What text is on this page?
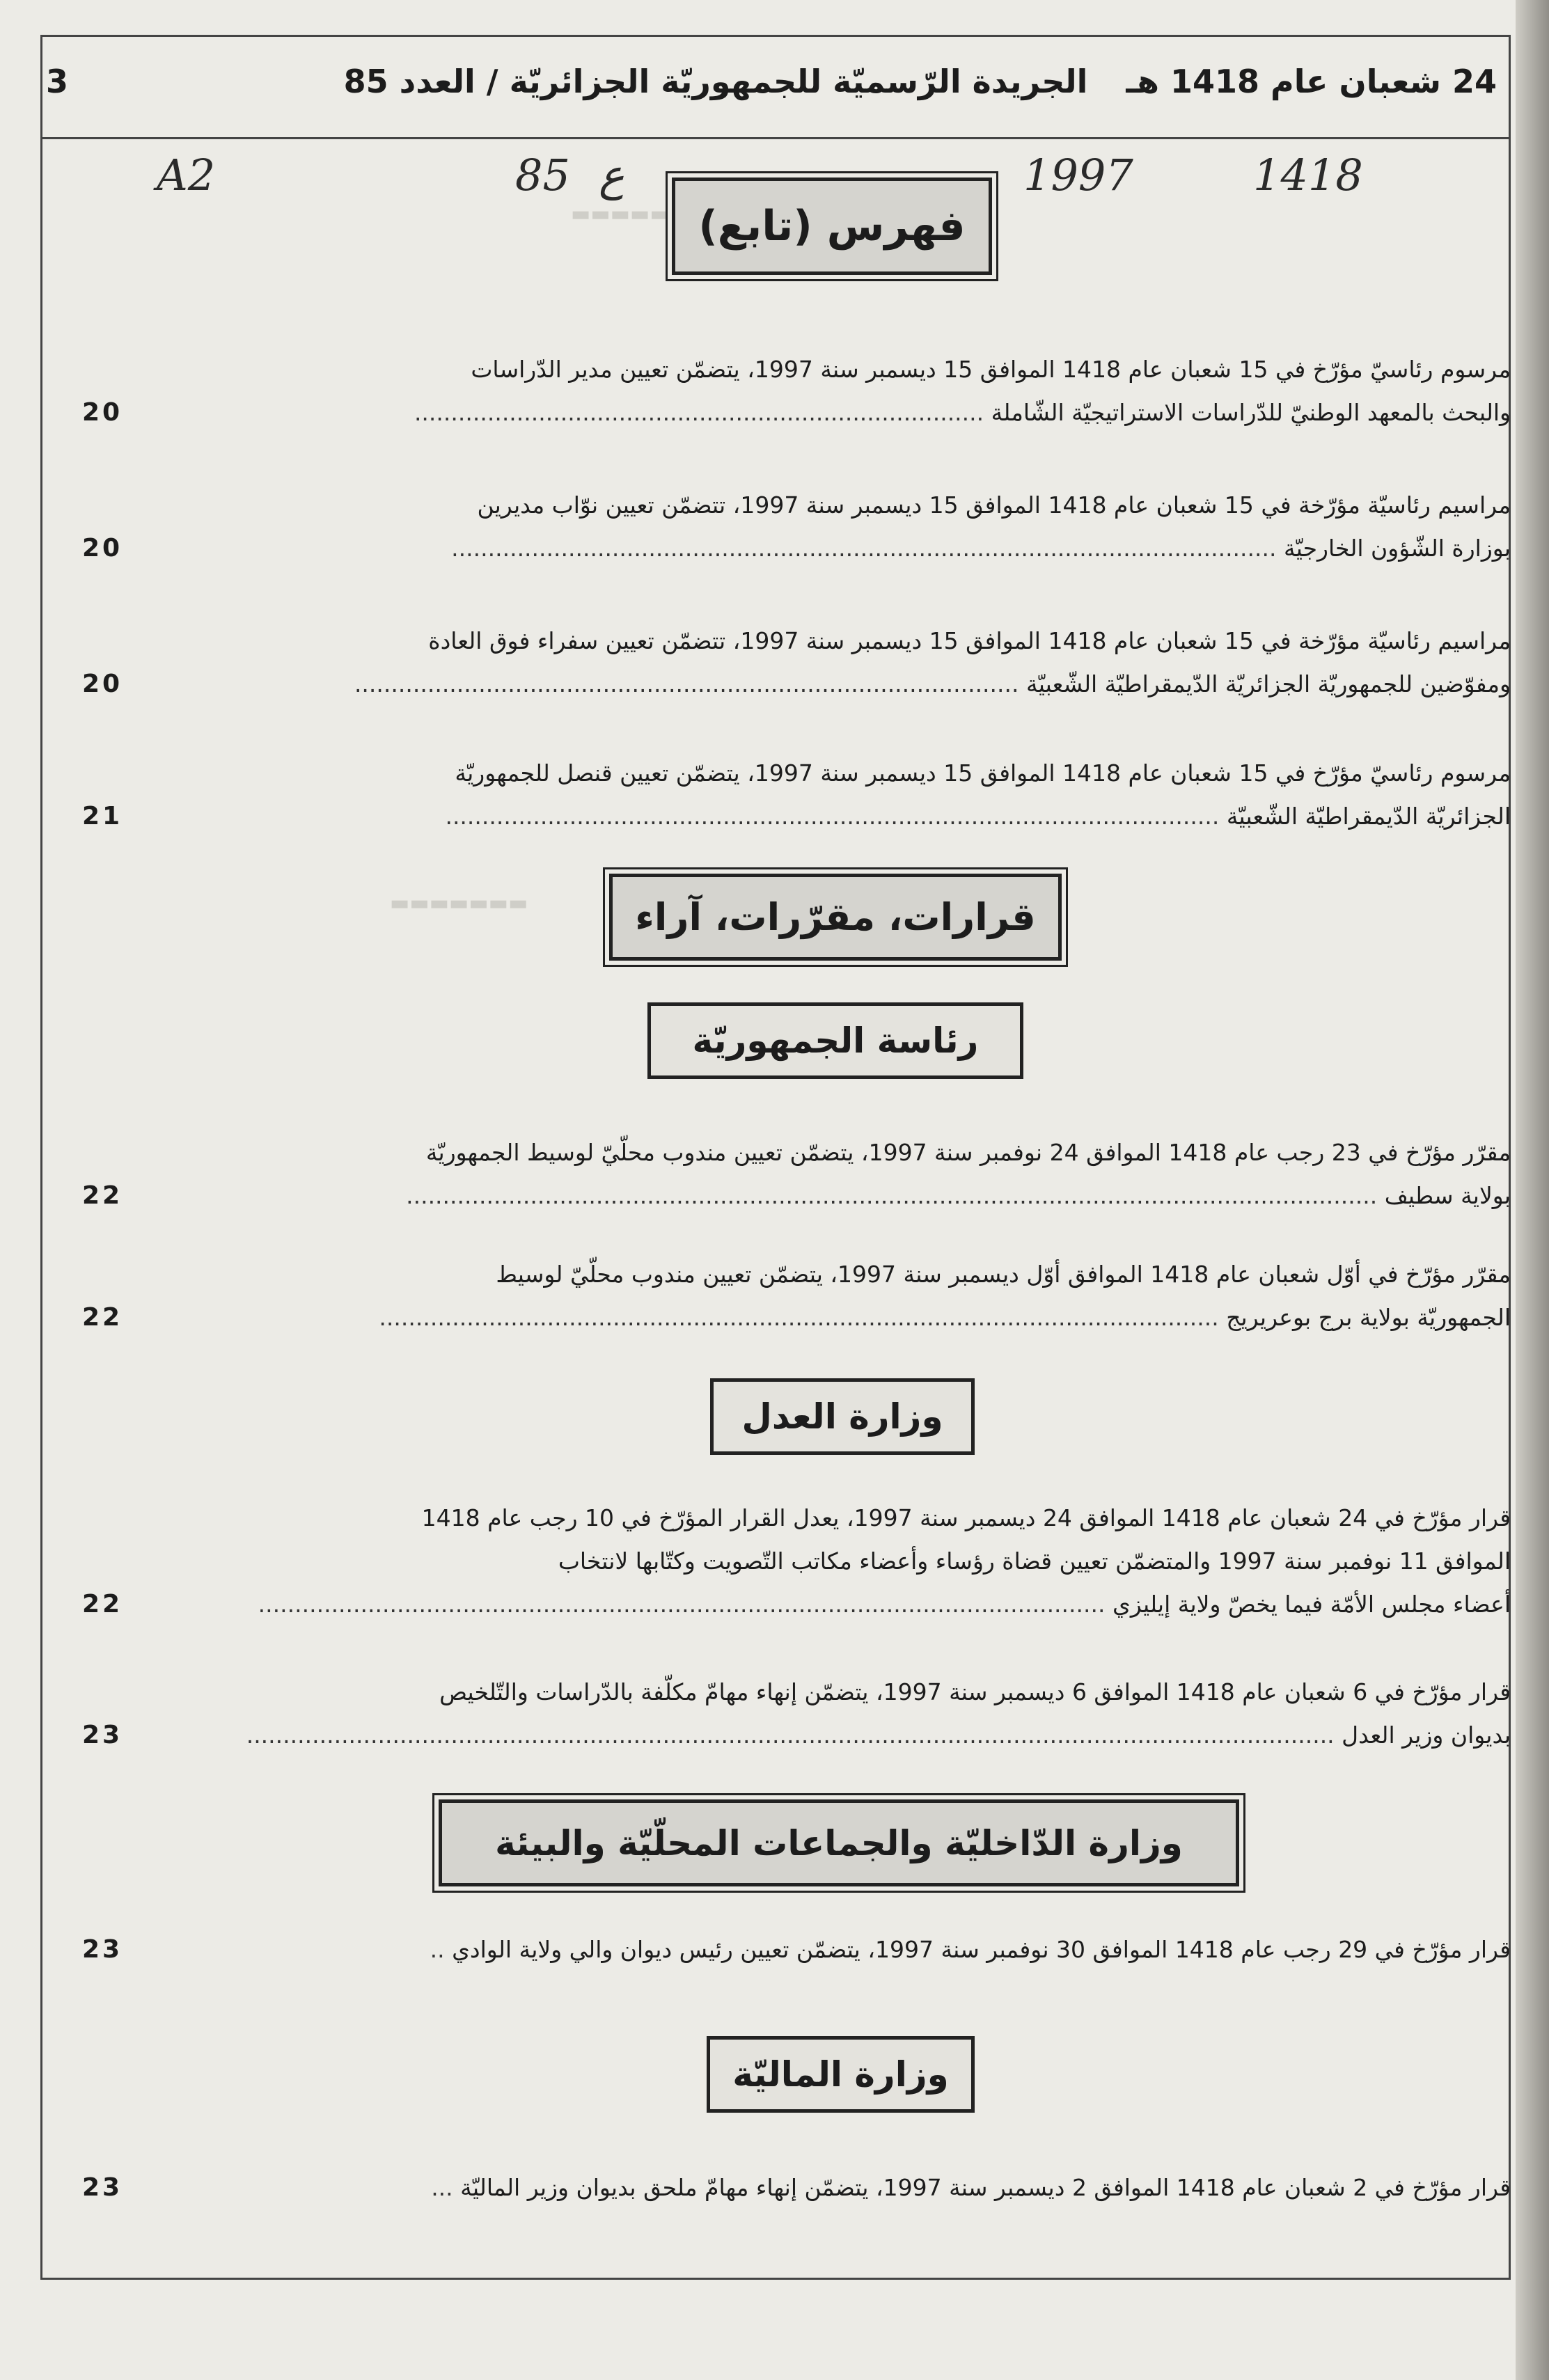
3	الجريدة الرّسميّة للجمهوريّة الجزائريّة / العدد 85	24 شعبان عام 1418 هـ
A2	85 ع	1997	1418
▬▬▬▬▬
▬▬▬▬▬▬▬
فهرس (تابع)
مرسوم رئاسيّ مؤرّخ في 15 شعبان عام 1418 الموافق 15 ديسمبر سنة 1997، يتضمّن تعيين مدير الدّراسات
والبحث بالمعهد الوطنيّ للدّراسات الاستراتيجيّة الشّاملة ..............................................................................
20
مراسيم رئاسيّة مؤرّخة في 15 شعبان عام 1418 الموافق 15 ديسمبر سنة 1997، تتضمّن تعيين نوّاب مديرين
بوزارة الشّؤون الخارجيّة .................................................................................................................
20
مراسيم رئاسيّة مؤرّخة في 15 شعبان عام 1418 الموافق 15 ديسمبر سنة 1997، تتضمّن تعيين سفراء فوق العادة
ومفوّضين للجمهوريّة الجزائريّة الدّيمقراطيّة الشّعبيّة ...........................................................................................
20
مرسوم رئاسيّ مؤرّخ في 15 شعبان عام 1418 الموافق 15 ديسمبر سنة 1997، يتضمّن تعيين قنصل للجمهوريّة
الجزائريّة الدّيمقراطيّة الشّعبيّة ..........................................................................................................
21
قرارات، مقرّرات، آراء
رئاسة الجمهوريّة
مقرّر مؤرّخ في 23 رجب عام 1418 الموافق 24 نوفمبر سنة 1997، يتضمّن تعيين مندوب محلّيّ لوسيط الجمهوريّة
بولاية سطيف .....................................................................................................................................
22
مقرّر مؤرّخ في أوّل شعبان عام 1418 الموافق أوّل ديسمبر سنة 1997، يتضمّن تعيين مندوب محلّيّ لوسيط
الجمهوريّة بولاية برج بوعريريج ...................................................................................................................
22
وزارة العدل
قرار مؤرّخ في 24 شعبان عام 1418 الموافق 24 ديسمبر سنة 1997، يعدل القرار المؤرّخ في 10 رجب عام 1418
الموافق 11 نوفمبر سنة 1997 والمتضمّن تعيين قضاة رؤساء وأعضاء مكاتب التّصويت وكتّابها لانتخاب
أعضاء مجلس الأمّة فيما يخصّ ولاية إيليزي ....................................................................................................................
22
قرار مؤرّخ في 6 شعبان عام 1418 الموافق 6 ديسمبر سنة 1997، يتضمّن إنهاء مهامّ مكلّفة بالدّراسات والتّلخيص
بديوان وزير العدل .....................................................................................................................................................
23
وزارة الدّاخليّة والجماعات المحلّيّة والبيئة
قرار مؤرّخ في 29 رجب عام 1418 الموافق 30 نوفمبر سنة 1997، يتضمّن تعيين رئيس ديوان والي ولاية الوادي ..
23
وزارة الماليّة
قرار مؤرّخ في 2 شعبان عام 1418 الموافق 2 ديسمبر سنة 1997، يتضمّن إنهاء مهامّ ملحق بديوان وزير الماليّة ...
23
